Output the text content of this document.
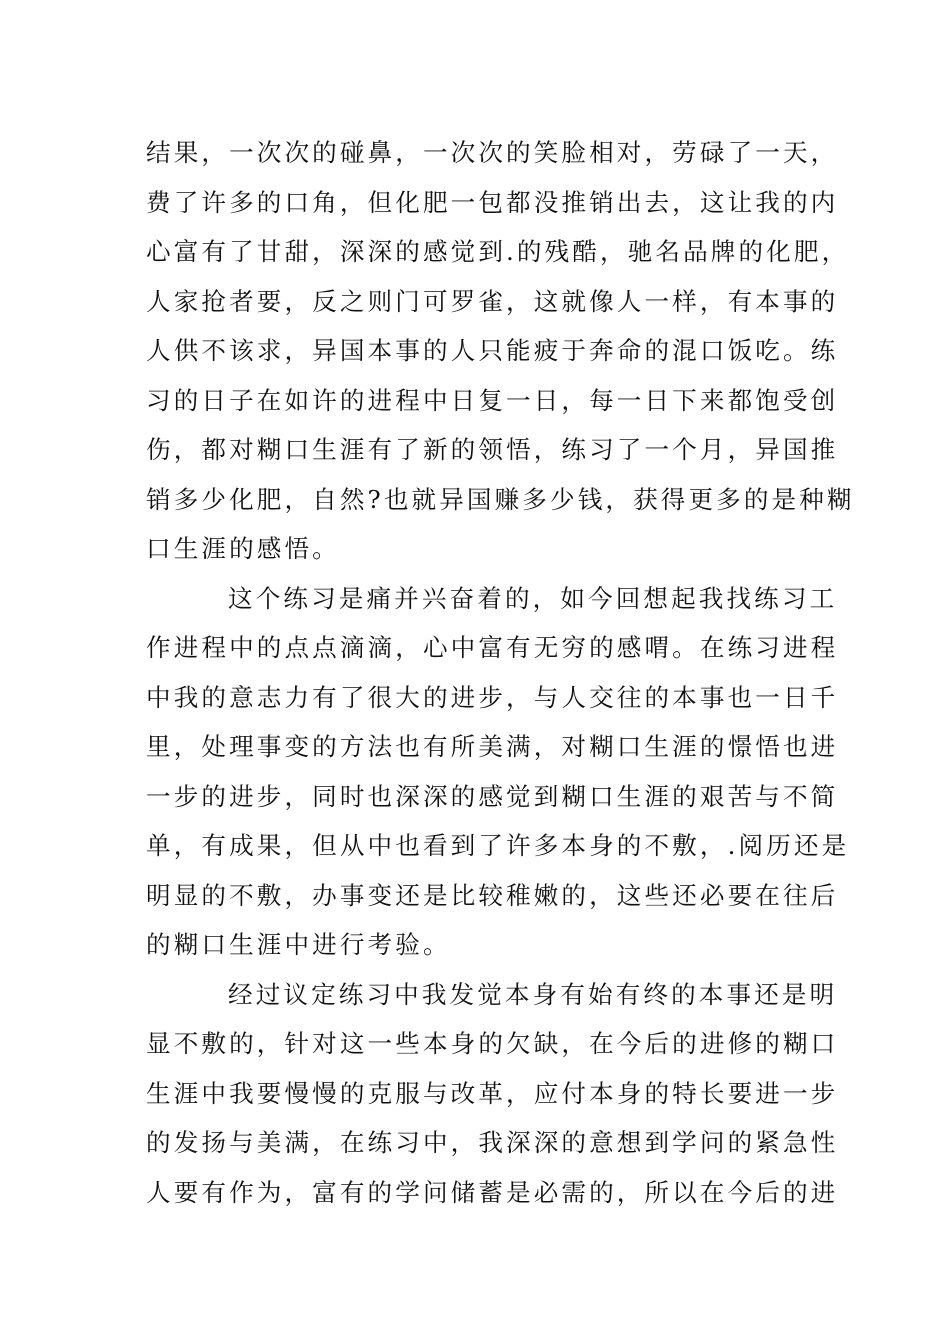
结果，一次次的碰鼻，一次次的笑脸相对，劳碌了一天，
费了许多的口角，但化肥一包都没推销出去，这让我的内
心富有了甘甜，深深的感觉到.的残酷，驰名品牌的化肥，
人家抢者要，反之则门可罗雀，这就像人一样，有本事的
人供不该求，异国本事的人只能疲于奔命的混口饭吃。练
习的日子在如许的进程中日复一日，每一日下来都饱受创
伤，都对糊口生涯有了新的领悟，练习了一个月，异国推
销多少化肥，自然?也就异国赚多少钱，获得更多的是种糊
口生涯的感悟。
这个练习是痛并兴奋着的，如今回想起我找练习工
作进程中的点点滴滴，心中富有无穷的感喟。在练习进程
中我的意志力有了很大的进步，与人交往的本事也一日千
里，处理事变的方法也有所美满，对糊口生涯的憬悟也进
一步的进步，同时也深深的感觉到糊口生涯的艰苦与不简
单，有成果，但从中也看到了许多本身的不敷，.阅历还是
明显的不敷，办事变还是比较稚嫩的，这些还必要在往后
的糊口生涯中进行考验。
经过议定练习中我发觉本身有始有终的本事还是明
显不敷的，针对这一些本身的欠缺，在今后的进修的糊口
生涯中我要慢慢的克服与改革，应付本身的特长要进一步
的发扬与美满，在练习中，我深深的意想到学问的紧急性
人要有作为，富有的学问储蓄是必需的，所以在今后的进
